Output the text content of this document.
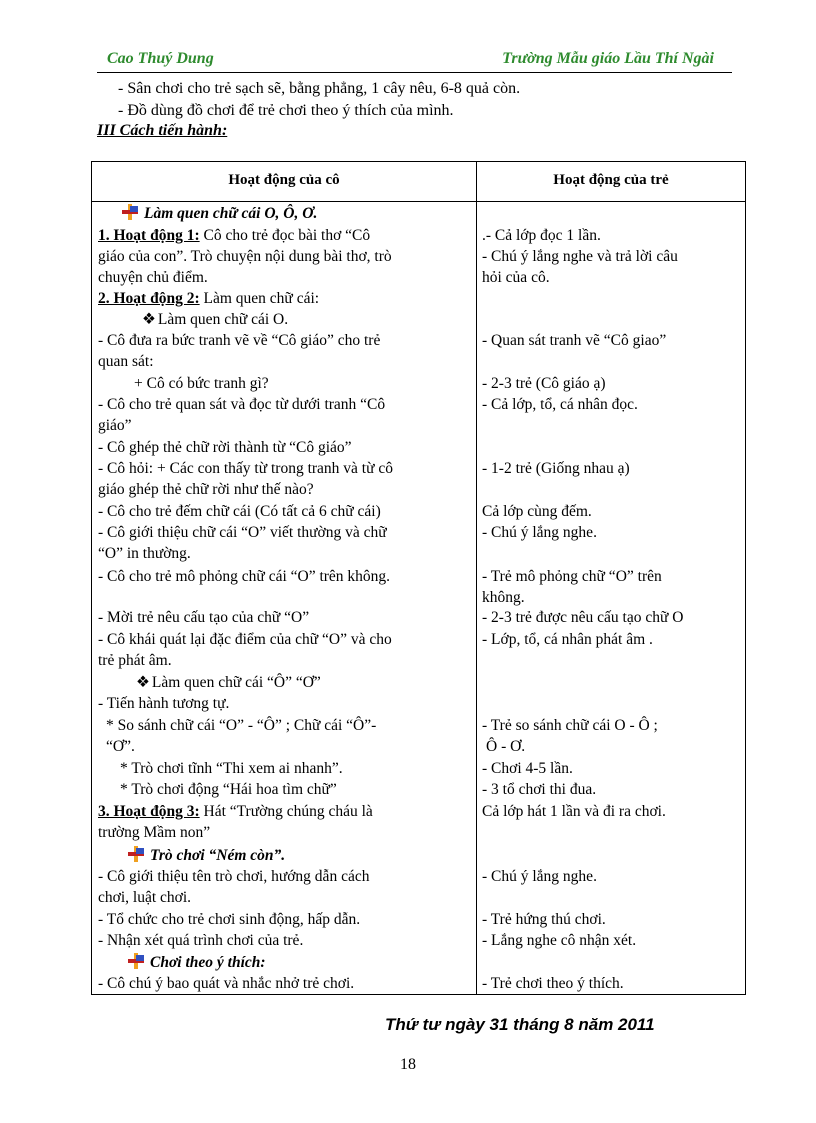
Cao Thuý Dung	Trường Mẫu giáo Lầu Thí Ngài
- Sân chơi cho trẻ sạch sẽ, bằng phẳng, 1 cây nêu, 6-8 quả còn.
- Đồ dùng đồ chơi để trẻ chơi theo ý thích của mình.
III Cách tiến hành:
Hoạt động của cô	Hoạt động của trẻ
Làm quen chữ cái O, Ô, Ơ.
1. Hoạt động 1: Cô cho trẻ đọc bài thơ “Cô
giáo của con”. Trò chuyện nội dung bài thơ, trò
chuyện chủ điểm.
2. Hoạt động 2: Làm quen chữ cái:
❖ Làm quen chữ cái O.
- Cô đưa ra bức tranh vẽ về “Cô giáo” cho trẻ
quan sát:
+ Cô có bức tranh gì?
- Cô cho trẻ quan sát và đọc từ dưới tranh “Cô
giáo”
- Cô ghép thẻ chữ rời thành từ “Cô giáo”
- Cô hỏi: + Các con thấy từ trong tranh và từ cô
giáo ghép thẻ chữ rời như thế nào?
- Cô cho trẻ đếm chữ cái (Có tất cả 6 chữ cái)
- Cô giới thiệu chữ cái “O” viết thường và chữ
“O” in thường.
- Cô cho trẻ mô phỏng chữ cái “O” trên không.
- Mời trẻ nêu cấu tạo của chữ “O”
- Cô khái quát lại đặc điểm của chữ “O” và cho
trẻ phát âm.
❖ Làm quen chữ cái “Ô” “Ơ”
- Tiến hành tương tự.
* So sánh chữ cái “O” - “Ô” ; Chữ cái “Ô”-
“Ơ”.
* Trò chơi tĩnh “Thi xem ai nhanh”.
* Trò chơi động “Hái hoa tìm chữ”
3. Hoạt động 3: Hát “Trường chúng cháu là
trường Mầm non”
Trò chơi “Ném còn”.
- Cô giới thiệu tên trò chơi, hướng dẫn cách
chơi, luật chơi.
- Tổ chức cho trẻ chơi sinh động, hấp dẫn.
- Nhận xét quá trình chơi của trẻ.
Chơi theo ý thích:
- Cô chú ý bao quát và nhắc nhở trẻ chơi.
.- Cả lớp đọc 1 lần.
- Chú ý lắng nghe và trả lời câu
hỏi của cô.
- Quan sát tranh vẽ “Cô giao”
- 2-3 trẻ (Cô giáo ạ)
- Cả lớp, tổ, cá nhân đọc.
- 1-2 trẻ (Giống nhau ạ)
Cả lớp cùng đếm.
- Chú ý lắng nghe.
- Trẻ mô phỏng chữ “O” trên
không.
- 2-3 trẻ được nêu cấu tạo chữ O
- Lớp, tổ, cá nhân phát âm .
- Trẻ so sánh chữ cái O - Ô ;
Ô - Ơ.
- Chơi 4-5 lần.
- 3 tổ chơi thi đua.
Cả lớp hát 1 lần và đi ra chơi.
- Chú ý lắng nghe.
- Trẻ hứng thú chơi.
- Lắng nghe cô nhận xét.
- Trẻ chơi theo ý thích.
Thứ tư ngày 31 tháng 8 năm 2011
18
